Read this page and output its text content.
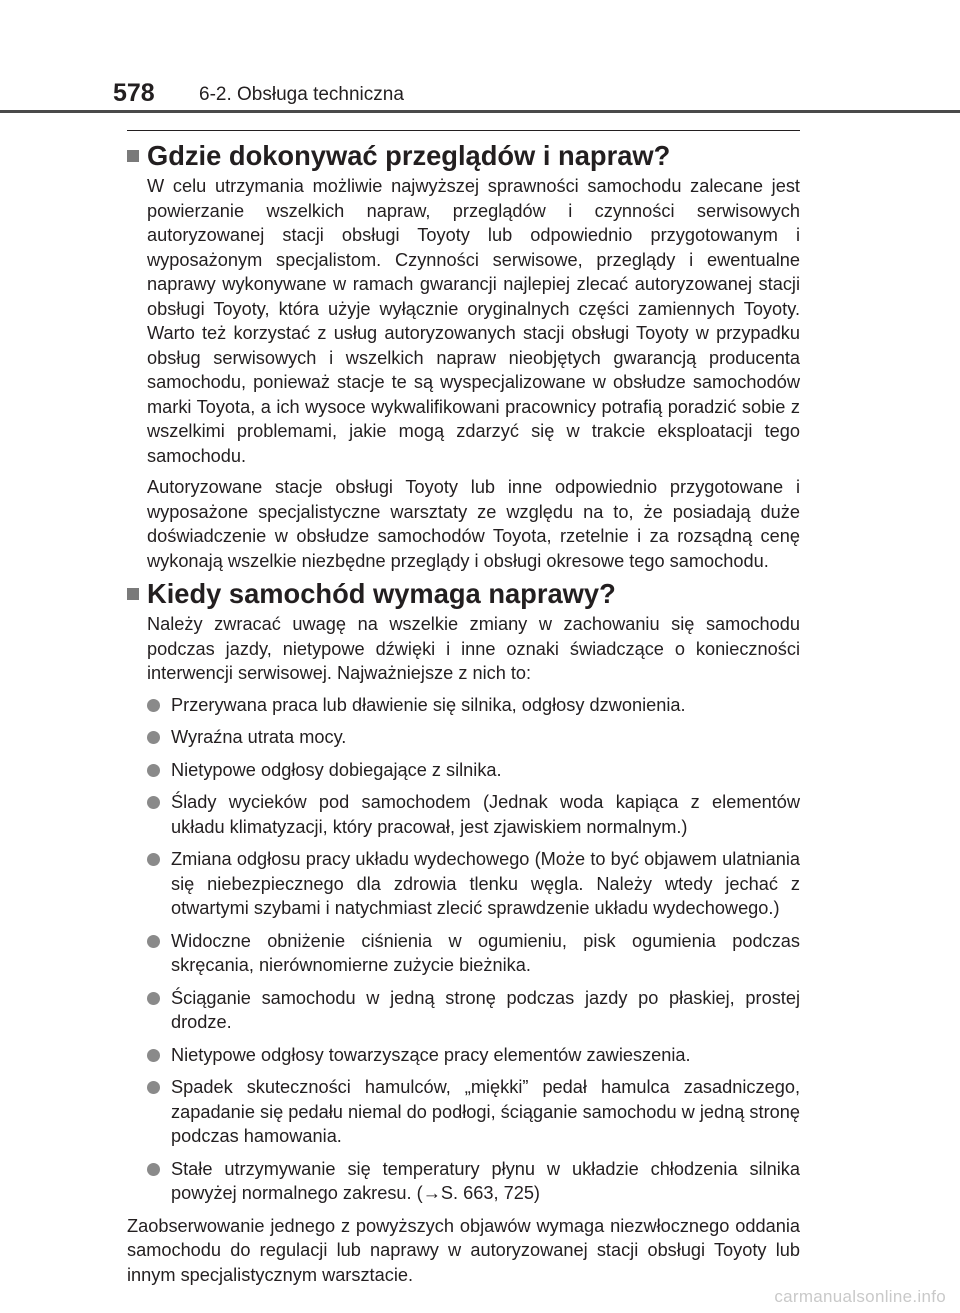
578 6-2. Obsługa techniczna
Gdzie dokonywać przeglądów i napraw?

W celu utrzymania możliwie najwyższej sprawności samochodu zalecane jest powierzanie wszelkich napraw, przeglądów i czynności serwisowych autoryzowanej stacji obsługi Toyoty lub odpowiednio przygotowanym i wyposażonym specjalistom. Czynności serwisowe, przeglądy i ewentualne naprawy wykonywane w ramach gwarancji najlepiej zlecać autoryzowanej stacji obsługi Toyoty, która użyje wyłącznie oryginalnych części zamiennych Toyoty. Warto też korzystać z usług autoryzowanych stacji obsługi Toyoty w przypadku obsług serwisowych i wszelkich napraw nieobjętych gwarancją producenta samochodu, ponieważ stacje te są wyspecjalizowane w obsłudze samochodów marki Toyota, a ich wysoce wykwalifikowani pracownicy potrafią poradzić sobie z wszelkimi problemami, jakie mogą zdarzyć się w trakcie eksploatacji tego samochodu.

Autoryzowane stacje obsługi Toyoty lub inne odpowiednio przygotowane i wyposażone specjalistyczne warsztaty ze względu na to, że posiadają duże doświadczenie w obsłudze samochodów Toyota, rzetelnie i za rozsądną cenę wykonają wszelkie niezbędne przeglądy i obsługi okresowe tego samochodu.

Kiedy samochód wymaga naprawy?

Należy zwracać uwagę na wszelkie zmiany w zachowaniu się samochodu podczas jazdy, nietypowe dźwięki i inne oznaki świadczące o konieczności interwencji serwisowej. Najważniejsze z nich to:

Przerywana praca lub dławienie się silnika, odgłosy dzwonienia.
Wyraźna utrata mocy.
Nietypowe odgłosy dobiegające z silnika.
Ślady wycieków pod samochodem (Jednak woda kapiąca z elementów układu klimatyzacji, który pracował, jest zjawiskiem normalnym.)
Zmiana odgłosu pracy układu wydechowego (Może to być objawem ulatniania się niebezpiecznego dla zdrowia tlenku węgla. Należy wtedy jechać z otwartymi szybami i natychmiast zlecić sprawdzenie układu wydechowego.)
Widoczne obniżenie ciśnienia w ogumieniu, pisk ogumienia podczas skręcania, nierównomierne zużycie bieżnika.
Ściąganie samochodu w jedną stronę podczas jazdy po płaskiej, prostej drodze.
Nietypowe odgłosy towarzyszące pracy elementów zawieszenia.
Spadek skuteczności hamulców, „miękki” pedał hamulca zasadniczego, zapadanie się pedału niemal do podłogi, ściąganie samochodu w jedną stronę podczas hamowania.
Stałe utrzymywanie się temperatury płynu w układzie chłodzenia silnika powyżej normalnego zakresu. (→S. 663, 725)

Zaobserwowanie jednego z powyższych objawów wymaga niezwłocznego oddania samochodu do regulacji lub naprawy w autoryzowanej stacji obsługi Toyoty lub innym specjalistycznym warsztacie.

carmanualsonline.info
